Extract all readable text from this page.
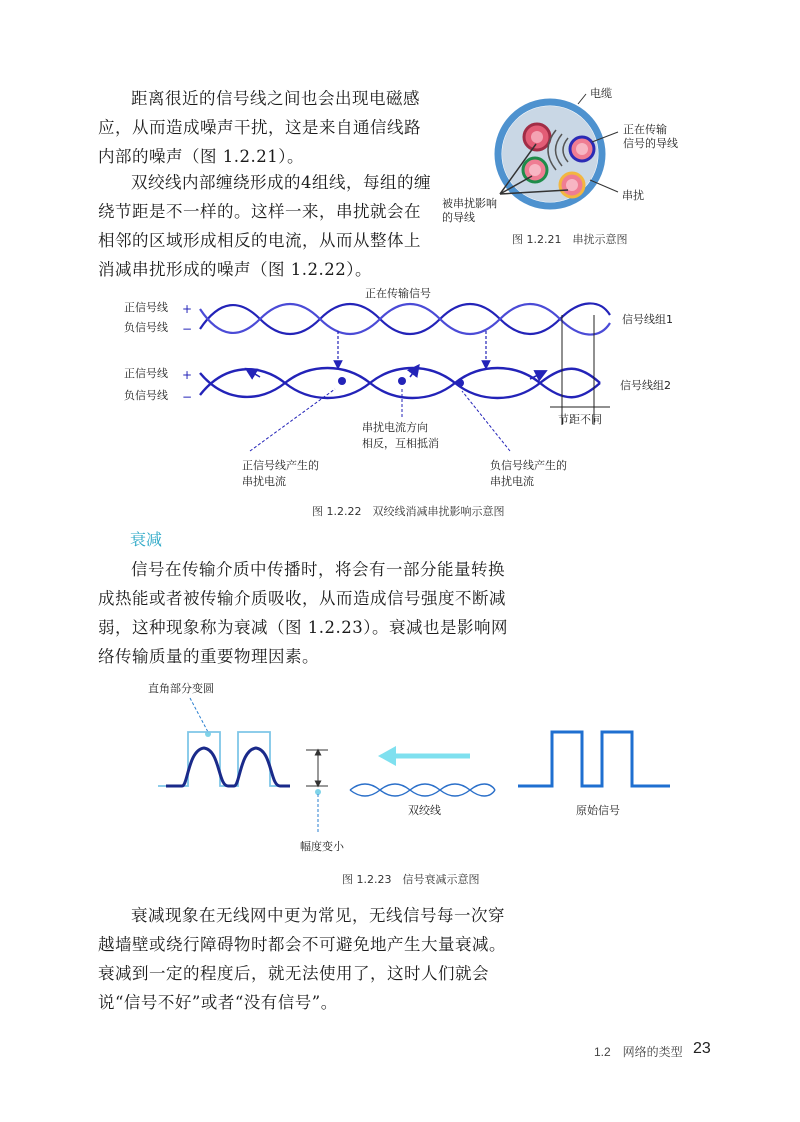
距离很近的信号线之间也会出现电磁感应，从而造成噪声干扰，这是来自通信线路内部的噪声（图 1.2.21）。

双绞线内部缠绕形成的4组线，每组的缠绕节距是不一样的。这样一来，串扰就会在相邻的区域形成相反的电流，从而从整体上消减串扰形成的噪声（图 1.2.22）。

电缆
正在传输
信号的导线
串扰
被串扰影响
的导线
图 1.2.21　串扰示意图
正在传输信号
正信号线 +
负信号线 −
信号线组1
正信号线 +
负信号线 −
信号线组2
节距不同
串扰电流方向
相反，互相抵消
正信号线产生的
串扰电流
负信号线产生的
串扰电流
图 1.2.22　双绞线消减串扰影响示意图
衰减

信号在传输介质中传播时，将会有一部分能量转换成热能或者被传输介质吸收，从而造成信号强度不断减弱，这种现象称为衰减（图 1.2.23）。衰减也是影响网络传输质量的重要物理因素。

直角部分变圆
幅度变小
双绞线	原始信号
图 1.2.23　信号衰减示意图

衰减现象在无线网中更为常见，无线信号每一次穿越墙壁或绕行障碍物时都会不可避免地产生大量衰减。衰减到一定的程度后，就无法使用了，这时人们就会说“信号不好”或者“没有信号”。

1.2　网络的类型 23
